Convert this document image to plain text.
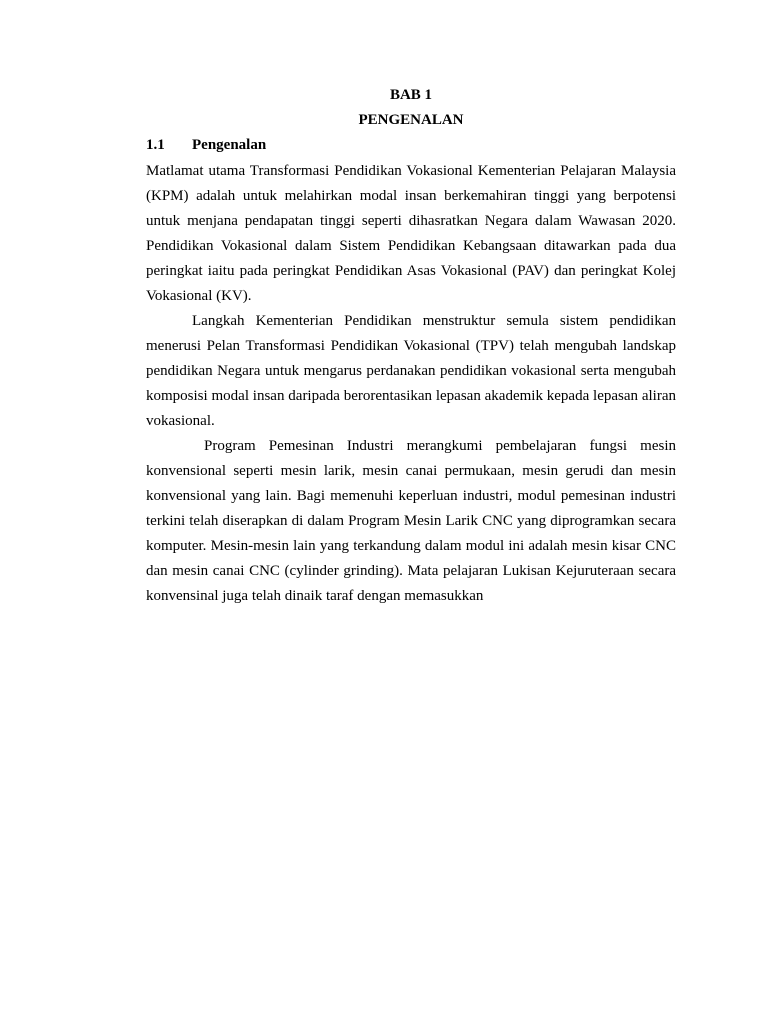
BAB 1
PENGENALAN
1.1 Pengenalan

Matlamat utama Transformasi Pendidikan Vokasional Kementerian Pelajaran Malaysia (KPM) adalah untuk melahirkan modal insan berkemahiran tinggi yang berpotensi untuk menjana pendapatan tinggi seperti dihasratkan Negara dalam Wawasan 2020. Pendidikan Vokasional dalam Sistem Pendidikan Kebangsaan ditawarkan pada dua peringkat iaitu pada peringkat Pendidikan Asas Vokasional (PAV) dan peringkat Kolej Vokasional (KV).

Langkah Kementerian Pendidikan menstruktur semula sistem pendidikan menerusi Pelan Transformasi Pendidikan Vokasional (TPV) telah mengubah landskap pendidikan Negara untuk mengarus perdanakan pendidikan vokasional serta mengubah komposisi modal insan daripada berorentasikan lepasan akademik kepada lepasan aliran vokasional.

Program Pemesinan Industri merangkumi pembelajaran fungsi mesin konvensional seperti mesin larik, mesin canai permukaan, mesin gerudi dan mesin konvensional yang lain. Bagi memenuhi keperluan industri, modul pemesinan industri terkini telah diserapkan di dalam Program Mesin Larik CNC yang diprogramkan secara komputer. Mesin-mesin lain yang terkandung dalam modul ini adalah mesin kisar CNC dan mesin canai CNC (cylinder grinding). Mata pelajaran Lukisan Kejuruteraan secara konvensinal juga telah dinaik taraf dengan memasukkan
